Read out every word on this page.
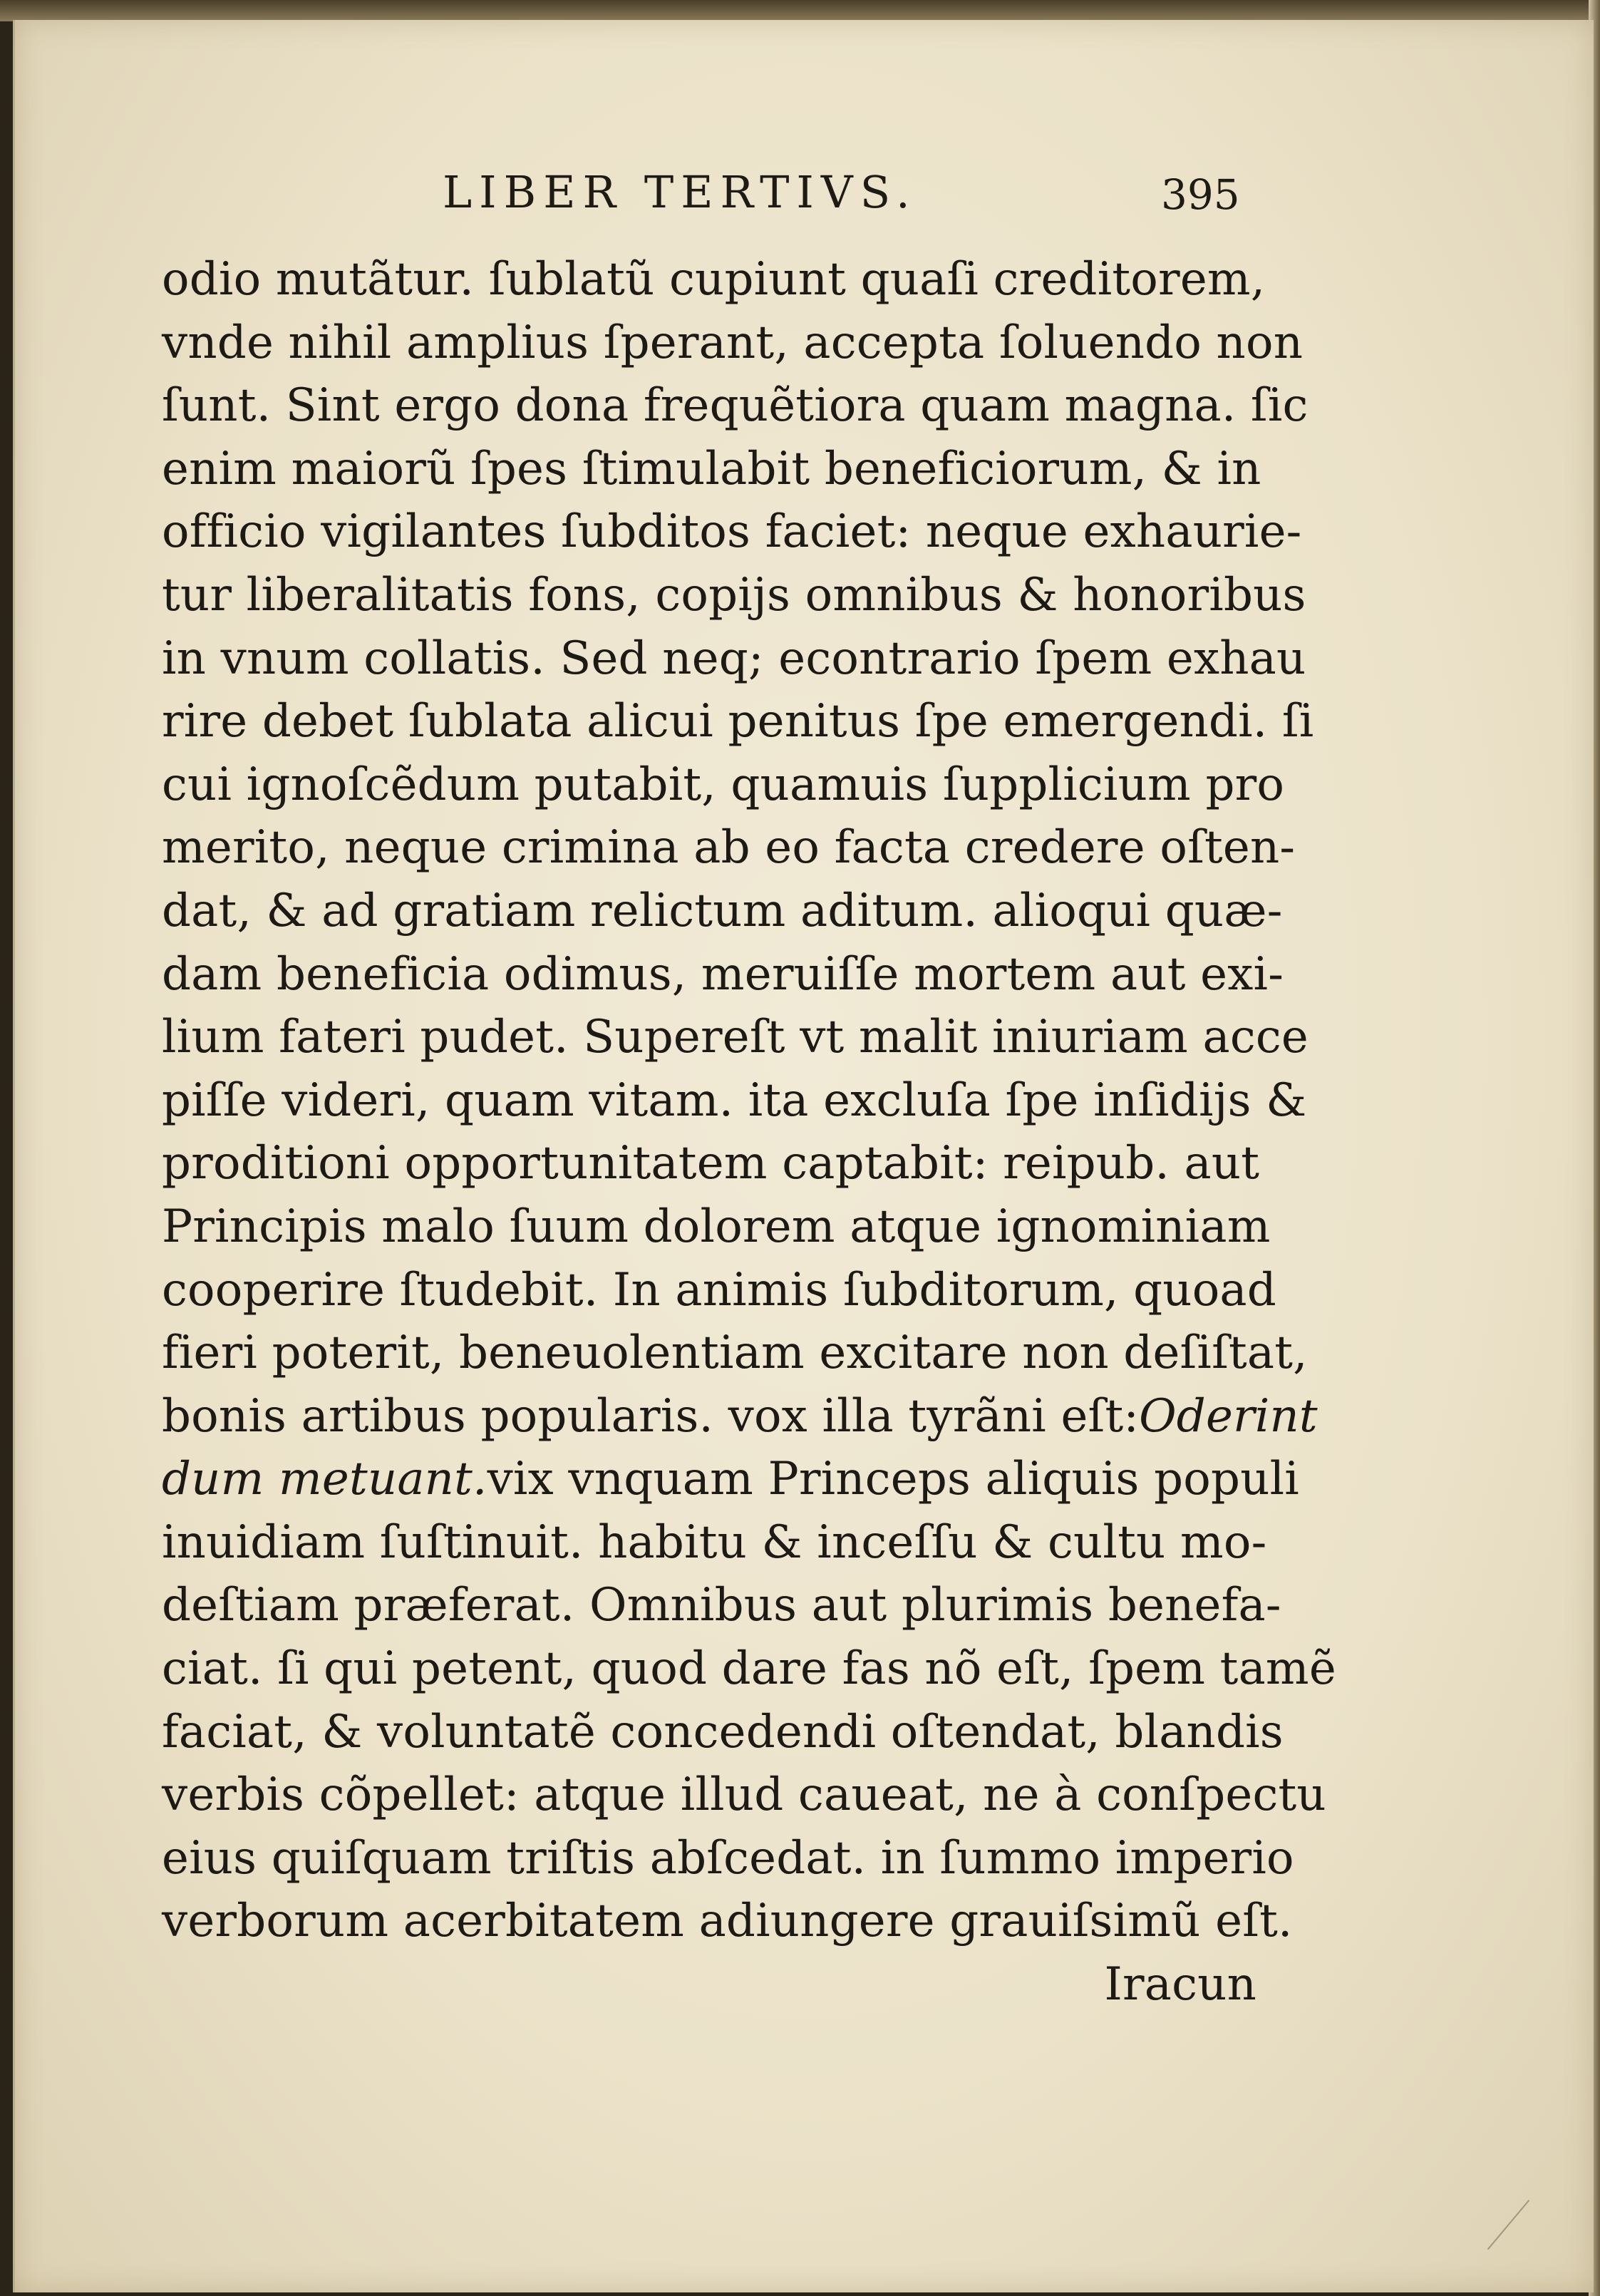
LIBER TERTIVS.	395
odio mutãtur. ſublatũ cupiunt quaſi creditorem,
vnde nihil amplius ſperant, accepta ſoluendo non
ſunt. Sint ergo dona frequẽtiora quam magna. ſic
enim maiorũ ſpes ſtimulabit beneficiorum, & in
officio vigilantes ſubditos faciet: neque exhaurie-
tur liberalitatis fons, copijs omnibus & honoribus
in vnum collatis. Sed neq; econtrario ſpem exhau
rire debet ſublata alicui penitus ſpe emergendi. ſi
cui ignoſcẽdum putabit, quamuis ſupplicium pro
merito, neque crimina ab eo facta credere oſten-
dat, & ad gratiam relictum aditum. alioqui quæ-
dam beneficia odimus, meruiſſe mortem aut exi-
lium fateri pudet. Supereſt vt malit iniuriam acce
piſſe videri, quam vitam. ita excluſa ſpe inſidijs &
proditioni opportunitatem captabit: reipub. aut
Principis malo ſuum dolorem atque ignominiam
cooperire ſtudebit. In animis ſubditorum, quoad
fieri poterit, beneuolentiam excitare non deſiſtat,
bonis artibus popularis. vox illa tyrãni eſt:Oderint
dum metuant.vix vnquam Princeps aliquis populi
inuidiam ſuſtinuit. habitu & inceſſu & cultu mo-
deſtiam præferat. Omnibus aut plurimis benefa-
ciat. ſi qui petent, quod dare fas nõ eſt, ſpem tamẽ
faciat, & voluntatẽ concedendi oſtendat, blandis
verbis cõpellet: atque illud caueat, ne à conſpectu
eius quiſquam triſtis abſcedat. in ſummo imperio
verborum acerbitatem adiungere grauiſsimũ eſt.
Iracun
